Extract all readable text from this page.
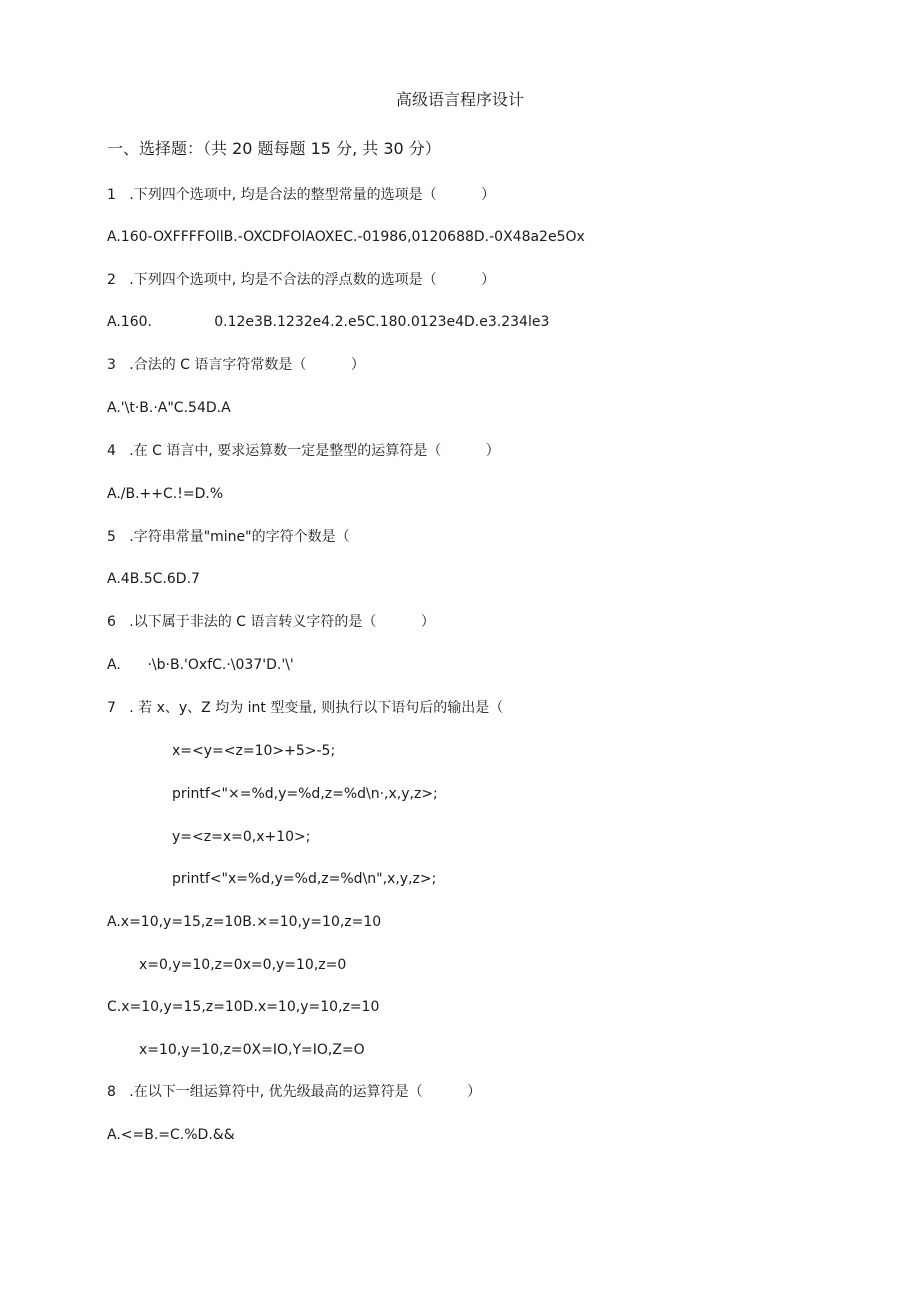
高级语言程序设计
一、选择题：（共 20 题每题 15 分, 共 30 分）
1   .下列四个选项中, 均是合法的整型常量的选项是（          ）
A.160-OXFFFFOllB.-OXCDFOlAOXEC.-01986,0120688D.-0X48a2e5Ox
2   .下列四个选项中, 均是不合法的浮点数的选项是（          ）
A.160.              0.12e3B.1232e4.2.e5C.180.0123e4D.e3.234le3
3   .合法的 C 语言字符常数是（          ）
A.'\t·B.·A"C.54D.A
4   .在 C 语言中, 要求运算数一定是整型的运算符是（          ）
A./B.++C.!=D.%
5   .字符串常量"mine"的字符个数是（
A.4B.5C.6D.7
6   .以下属于非法的 C 语言转义字符的是（          ）
A.      ·\b·B.'OxfC.·\037'D.'\'
7   . 若 x、y、Z 均为 int 型变量, 则执行以下语句后的输出是（
x=<y=<z=10>+5>-5;
printf<"×=%d,y=%d,z=%d\n·,x,y,z>;
y=<z=x=0,x+10>;
printf<"x=%d,y=%d,z=%d\n",x,y,z>;
A.x=10,y=15,z=10B.×=10,y=10,z=10
x=0,y=10,z=0x=0,y=10,z=0
C.x=10,y=15,z=10D.x=10,y=10,z=10
x=10,y=10,z=0X=IO,Y=IO,Z=O
8   .在以下一组运算符中, 优先级最高的运算符是（          ）
A.<=B.=C.%D.&&
